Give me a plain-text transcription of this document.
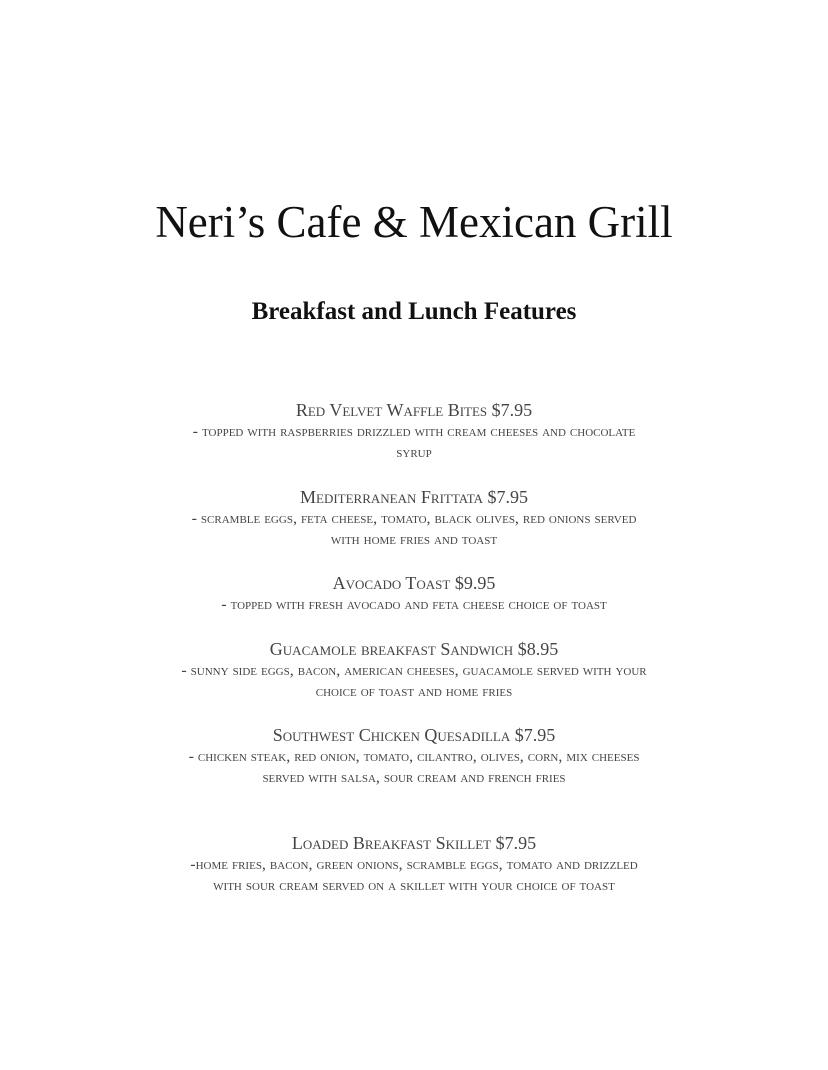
Neri’s Cafe & Mexican Grill
Breakfast and Lunch Features

Red Velvet Waffle Bites $7.95

- topped with raspberries drizzled with cream cheeses and chocolate

syrup

Mediterranean Frittata $7.95

- scramble eggs, feta cheese, tomato, black olives, red onions served

with home fries and toast

Avocado Toast $9.95

- topped with fresh avocado and feta cheese choice of toast

Guacamole breakfast Sandwich $8.95

- sunny side eggs, bacon, american cheeses, guacamole served with your

choice of toast and home fries

Southwest Chicken Quesadilla $7.95

- chicken steak, red onion, tomato, cilantro, olives, corn, mix cheeses

served with salsa, sour cream and french fries

Loaded Breakfast Skillet $7.95

-home fries, bacon, green onions, scramble eggs, tomato and drizzled

with sour cream served on a skillet with your choice of toast
